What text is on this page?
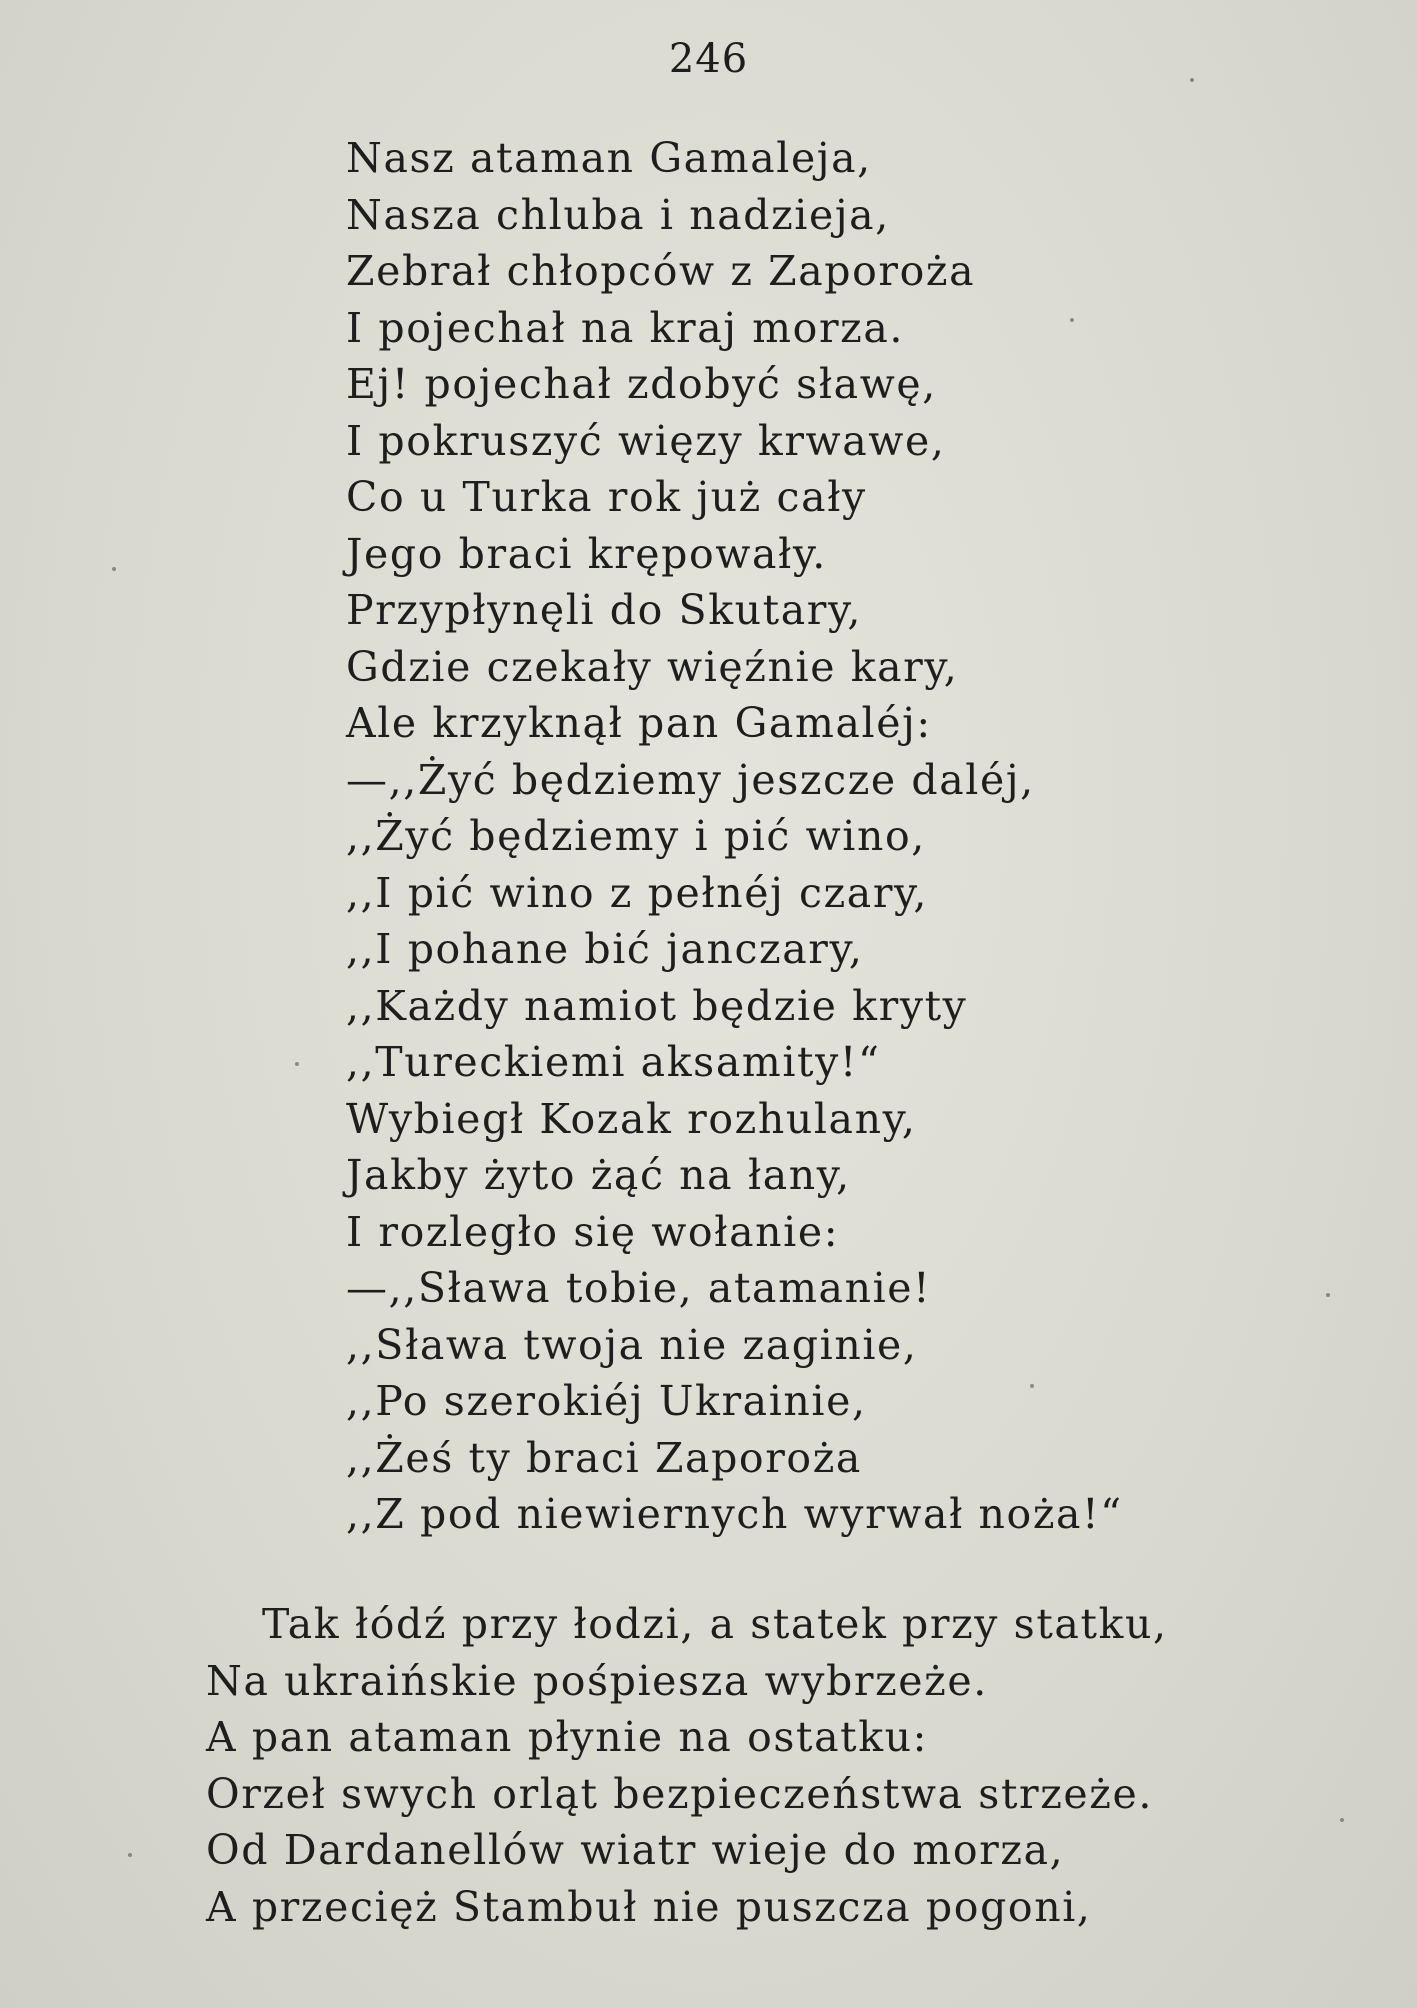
246
Nasz ataman Gamaleja,
Nasza chluba i nadzieja,
Zebrał chłopców z Zaporoża
I pojechał na kraj morza.
Ej! pojechał zdobyć sławę,
I pokruszyć więzy krwawe,
Co u Turka rok już cały
Jego braci krępowały.
Przypłynęli do Skutary,
Gdzie czekały więźnie kary,
Ale krzyknął pan Gamaléj:
—,,Żyć będziemy jeszcze daléj,
,,Żyć będziemy i pić wino,
,,I pić wino z pełnéj czary,
,,I pohane bić janczary,
,,Każdy namiot będzie kryty
,,Tureckiemi aksamity!“
Wybiegł Kozak rozhulany,
Jakby żyto żąć na łany,
I rozległo się wołanie:
—,,Sława tobie, atamanie!
,,Sława twoja nie zaginie,
,,Po szerokiéj Ukrainie,
,,Żeś ty braci Zaporoża
,,Z pod niewiernych wyrwał noża!“
Tak łódź przy łodzi, a statek przy statku,
Na ukraińskie pośpiesza wybrzeże.
A pan ataman płynie na ostatku:
Orzeł swych orląt bezpieczeństwa strzeże.
Od Dardanellów wiatr wieje do morza,
A przecięż Stambuł nie puszcza pogoni,
